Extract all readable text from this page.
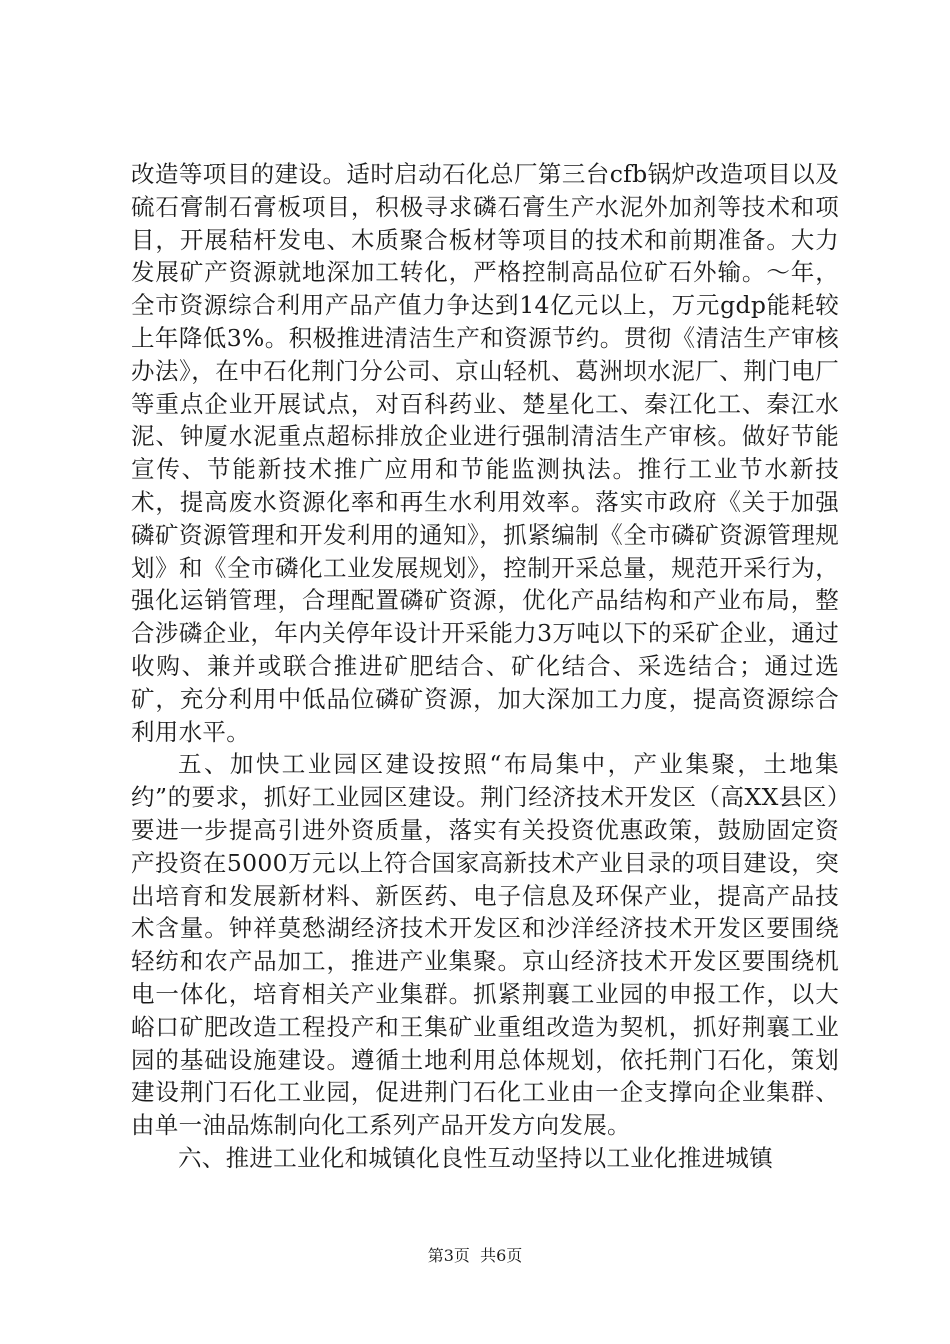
改造等项目的建设。适时启动石化总厂第三台cfb锅炉改造项目以及硫石膏制石膏板项目，积极寻求磷石膏生产水泥外加剂等技术和项目，开展秸杆发电、木质聚合板材等项目的技术和前期准备。大力发展矿产资源就地深加工转化，严格控制高品位矿石外输。～年，全市资源综合利用产品产值力争达到14亿元以上，万元gdp能耗较上年降低3%。积极推进清洁生产和资源节约。贯彻《清洁生产审核办法》，在中石化荆门分公司、京山轻机、葛洲坝水泥厂、荆门电厂等重点企业开展试点，对百科药业、楚星化工、秦江化工、秦江水泥、钟厦水泥重点超标排放企业进行强制清洁生产审核。做好节能宣传、节能新技术推广应用和节能监测执法。推行工业节水新技术，提高废水资源化率和再生水利用效率。落实市政府《关于加强磷矿资源管理和开发利用的通知》，抓紧编制《全市磷矿资源管理规划》和《全市磷化工业发展规划》，控制开采总量，规范开采行为，强化运销管理，合理配置磷矿资源，优化产品结构和产业布局，整合涉磷企业，年内关停年设计开采能力3万吨以下的采矿企业，通过收购、兼并或联合推进矿肥结合、矿化结合、采选结合；通过选矿，充分利用中低品位磷矿资源，加大深加工力度，提高资源综合利用水平。

五、加快工业园区建设按照“布局集中，产业集聚，土地集约”的要求，抓好工业园区建设。荆门经济技术开发区（高XX县区）要进一步提高引进外资质量，落实有关投资优惠政策，鼓励固定资产投资在5000万元以上符合国家高新技术产业目录的项目建设，突出培育和发展新材料、新医药、电子信息及环保产业，提高产品技术含量。钟祥莫愁湖经济技术开发区和沙洋经济技术开发区要围绕轻纺和农产品加工，推进产业集聚。京山经济技术开发区要围绕机电一体化，培育相关产业集群。抓紧荆襄工业园的申报工作，以大峪口矿肥改造工程投产和王集矿业重组改造为契机，抓好荆襄工业园的基础设施建设。遵循土地利用总体规划，依托荆门石化，策划建设荆门石化工业园，促进荆门石化工业由一企支撑向企业集群、由单一油品炼制向化工系列产品开发方向发展。

六、推进工业化和城镇化良性互动坚持以工业化推进城镇

第3页  共6页
